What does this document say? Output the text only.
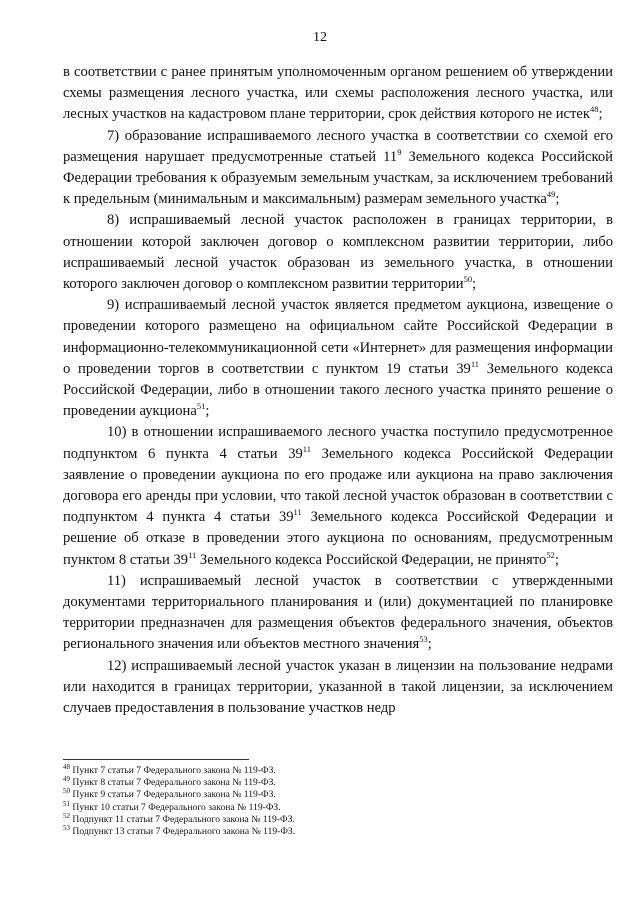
12

в соответствии с ранее принятым уполномоченным органом решением об утверждении схемы размещения лесного участка, или схемы расположения лесного участка, или лесных участков на кадастровом плане территории, срок действия которого не истек$^{48}$;

7) образование испрашиваемого лесного участка в соответствии со схемой его размещения нарушает предусмотренные статьей $11^9$ Земельного кодекса Российской Федерации требования к образуемым земельным участкам, за исключением требований к предельным (минимальным и максимальным) размерам земельного участка$^{49}$;

8) испрашиваемый лесной участок расположен в границах территории, в отношении которой заключен договор о комплексном развитии территории, либо испрашиваемый лесной участок образован из земельного участка, в отношении которого заключен договор о комплексном развитии территории$^{50}$;

9) испрашиваемый лесной участок является предметом аукциона, извещение о проведении которого размещено на официальном сайте Российской Федерации в информационно-телекоммуникационной сети «Интернет» для размещения информации о проведении торгов в соответствии с пунктом 19 статьи $39^{11}$ Земельного кодекса Российской Федерации, либо в отношении такого лесного участка принято решение о проведении аукциона$^{51}$;

10) в отношении испрашиваемого лесного участка поступило предусмотренное подпунктом 6 пункта 4 статьи $39^{11}$ Земельного кодекса Российской Федерации заявление о проведении аукциона по его продаже или аукциона на право заключения договора его аренды при условии, что такой лесной участок образован в соответствии с подпунктом 4 пункта 4 статьи $39^{11}$ Земельного кодекса Российской Федерации и решение об отказе в проведении этого аукциона по основаниям, предусмотренным пунктом 8 статьи $39^{11}$ Земельного кодекса Российской Федерации, не принято$^{52}$;

11) испрашиваемый лесной участок в соответствии с утвержденными документами территориального планирования и (или) документацией по планировке территории предназначен для размещения объектов федерального значения, объектов регионального значения или объектов местного значения$^{53}$;

12) испрашиваемый лесной участок указан в лицензии на пользование недрами или находится в границах территории, указанной в такой лицензии, за исключением случаев предоставления в пользование участков недр

$^{48}$ Пункт 7 статьи 7 Федерального закона № 119-ФЗ.
$^{49}$ Пункт 8 статьи 7 Федерального закона № 119-ФЗ.
$^{50}$ Пункт 9 статьи 7 Федерального закона № 119-ФЗ.
$^{51}$ Пункт 10 статьи 7 Федерального закона № 119-ФЗ.
$^{52}$ Подпункт 11 статьи 7 Федерального закона № 119-ФЗ.
$^{53}$ Подпункт 13 статьи 7 Федерального закона № 119-ФЗ.
